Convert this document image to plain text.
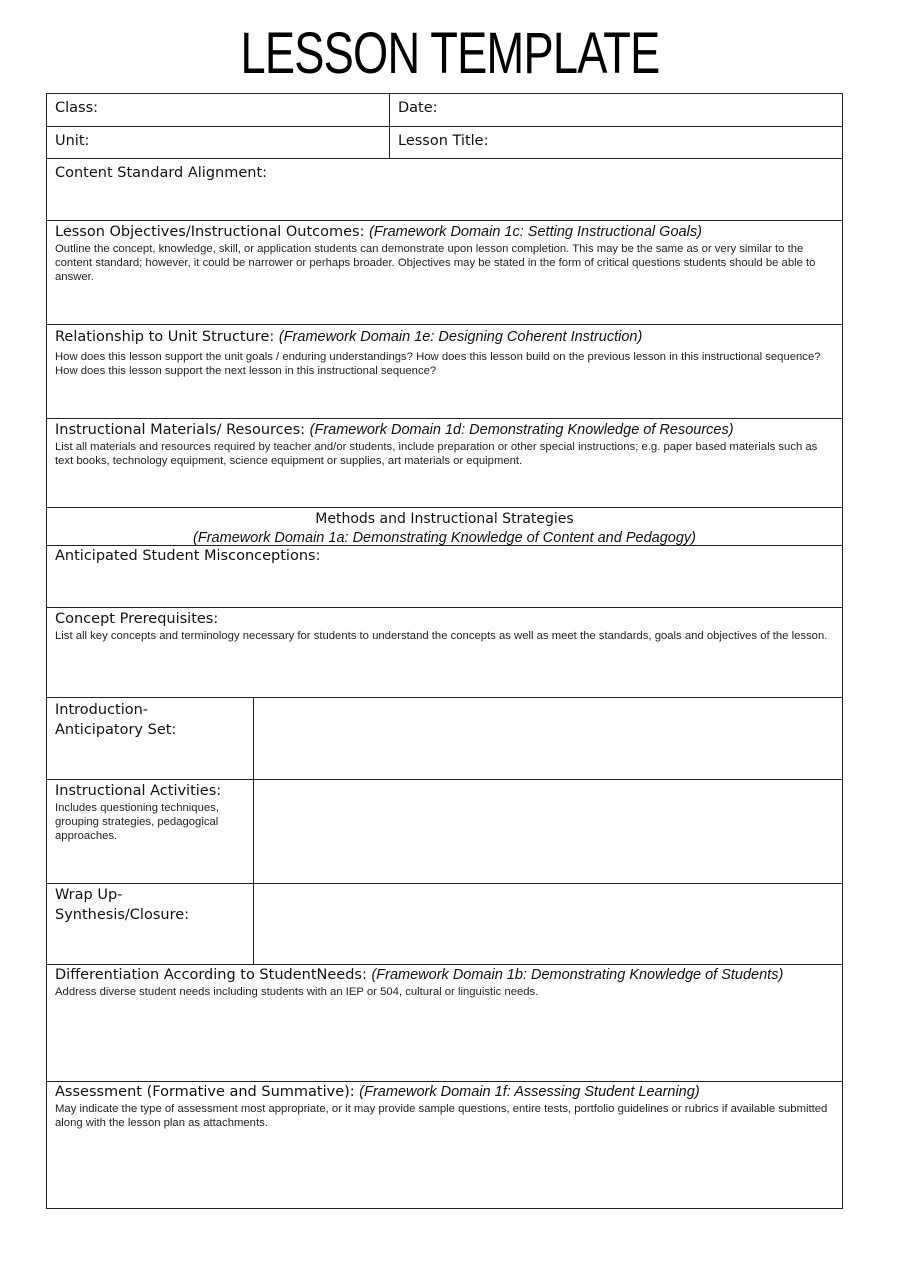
LESSON TEMPLATE
Class:	Date:
Unit:	Lesson Title:
Content Standard Alignment:
Lesson Objectives/Instructional Outcomes: (Framework Domain 1c: Setting Instructional Goals)
Outline the concept, knowledge, skill, or application students can demonstrate upon lesson completion. This may be the same as or very similar to the content standard; however, it could be narrower or perhaps broader. Objectives may be stated in the form of critical questions students should be able to answer.
Relationship to Unit Structure: (Framework Domain 1e: Designing Coherent Instruction)
How does this lesson support the unit goals / enduring understandings? How does this lesson build on the previous lesson in this instructional sequence? How does this lesson support the next lesson in this instructional sequence?
Instructional Materials/ Resources: (Framework Domain 1d: Demonstrating Knowledge of Resources)
List all materials and resources required by teacher and/or students, include preparation or other special instructions; e.g. paper based materials such as text books, technology equipment, science equipment or supplies, art materials or equipment.
Methods and Instructional Strategies
(Framework Domain 1a: Demonstrating Knowledge of Content and Pedagogy)
Anticipated Student Misconceptions:
Concept Prerequisites:
List all key concepts and terminology necessary for students to understand the concepts as well as meet the standards, goals and objectives of the lesson.
Introduction-
Anticipatory Set:
Instructional Activities:
Includes questioning techniques, grouping strategies, pedagogical approaches.
Wrap Up-
Synthesis/Closure:
Differentiation According to StudentNeeds: (Framework Domain 1b: Demonstrating Knowledge of Students)
Address diverse student needs including students with an IEP or 504, cultural or linguistic needs.
Assessment (Formative and Summative): (Framework Domain 1f: Assessing Student Learning)
May indicate the type of assessment most appropriate, or it may provide sample questions, entire tests, portfolio guidelines or rubrics if available submitted along with the lesson plan as attachments.
